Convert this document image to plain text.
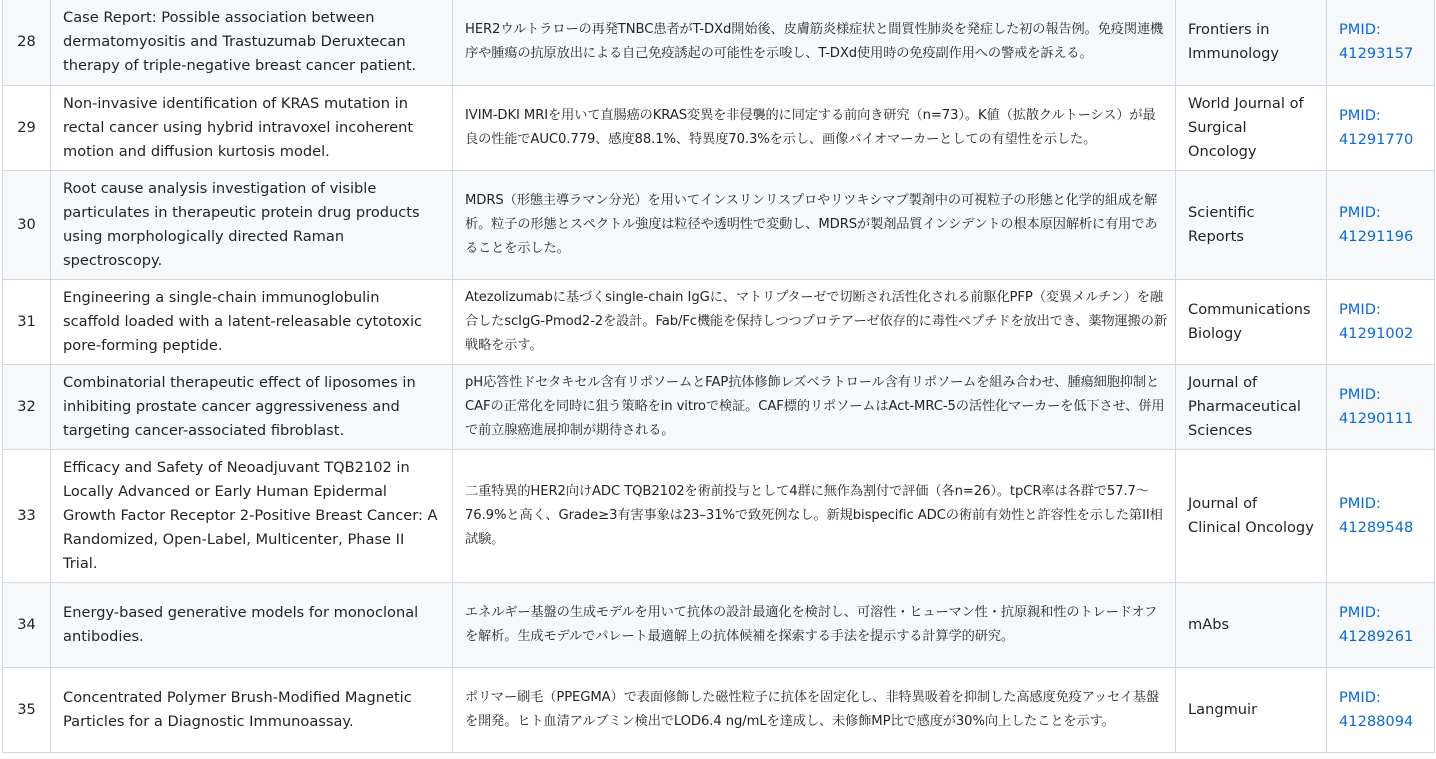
28	Case Report: Possible association between dermatomyositis and Trastuzumab Deruxtecan therapy of triple-negative breast cancer patient.	HER2ウルトラローの再発TNBC患者がT-DXd開始後、皮膚筋炎様症状と間質性肺炎を発症した初の報告例。免疫関連機序や腫瘍の抗原放出による自己免疫誘起の可能性を示唆し、T-DXd使用時の免疫副作用への警戒を訴える。	Frontiers in Immunology	PMID: 41293157
29	Non-invasive identification of KRAS mutation in rectal cancer using hybrid intravoxel incoherent motion and diffusion kurtosis model.	IVIM-DKI MRIを用いて直腸癌のKRAS変異を非侵襲的に同定する前向き研究（n=73）。K値（拡散クルトーシス）が最良の性能でAUC0.779、感度88.1%、特異度70.3%を示し、画像バイオマーカーとしての有望性を示した。	World Journal of Surgical Oncology	PMID: 41291770
30	Root cause analysis investigation of visible particulates in therapeutic protein drug products using morphologically directed Raman spectroscopy.	MDRS（形態主導ラマン分光）を用いてインスリンリスプロやリツキシマブ製剤中の可視粒子の形態と化学的組成を解析。粒子の形態とスペクトル強度は粒径や透明性で変動し、MDRSが製剤品質インシデントの根本原因解析に有用であることを示した。	Scientific Reports	PMID: 41291196
31	Engineering a single-chain immunoglobulin scaffold loaded with a latent-releasable cytotoxic pore-forming peptide.	Atezolizumabに基づくsingle-chain IgGに、マトリプターゼで切断され活性化される前駆化PFP（変異メルチン）を融合したscIgG-Pmod2-2を設計。Fab/Fc機能を保持しつつプロテアーゼ依存的に毒性ペプチドを放出でき、薬物運搬の新戦略を示す。	Communications Biology	PMID: 41291002
32	Combinatorial therapeutic effect of liposomes in inhibiting prostate cancer aggressiveness and targeting cancer-associated fibroblast.	pH応答性ドセタキセル含有リポソームとFAP抗体修飾レズベラトロール含有リポソームを組み合わせ、腫瘍細胞抑制とCAFの正常化を同時に狙う策略をin vitroで検証。CAF標的リポソームはAct-MRC-5の活性化マーカーを低下させ、併用で前立腺癌進展抑制が期待される。	Journal of Pharmaceutical Sciences	PMID: 41290111
33	Efficacy and Safety of Neoadjuvant TQB2102 in Locally Advanced or Early Human Epidermal Growth Factor Receptor 2-Positive Breast Cancer: A Randomized, Open-Label, Multicenter, Phase II Trial.	二重特異的HER2向けADC TQB2102を術前投与として4群に無作為割付で評価（各n=26）。tpCR率は各群で57.7〜76.9%と高く、Grade≥3有害事象は23–31%で致死例なし。新規bispecific ADCの術前有効性と許容性を示した第II相試験。	Journal of Clinical Oncology	PMID: 41289548
34	Energy-based generative models for monoclonal antibodies.	エネルギー基盤の生成モデルを用いて抗体の設計最適化を検討し、可溶性・ヒューマン性・抗原親和性のトレードオフを解析。生成モデルでパレート最適解上の抗体候補を探索する手法を提示する計算学的研究。	mAbs	PMID: 41289261
35	Concentrated Polymer Brush-Modified Magnetic Particles for a Diagnostic Immunoassay.	ポリマー刷毛（PPEGMA）で表面修飾した磁性粒子に抗体を固定化し、非特異吸着を抑制した高感度免疫アッセイ基盤を開発。ヒト血清アルブミン検出でLOD6.4 ng/mLを達成し、未修飾MP比で感度が30%向上したことを示す。	Langmuir	PMID: 41288094
